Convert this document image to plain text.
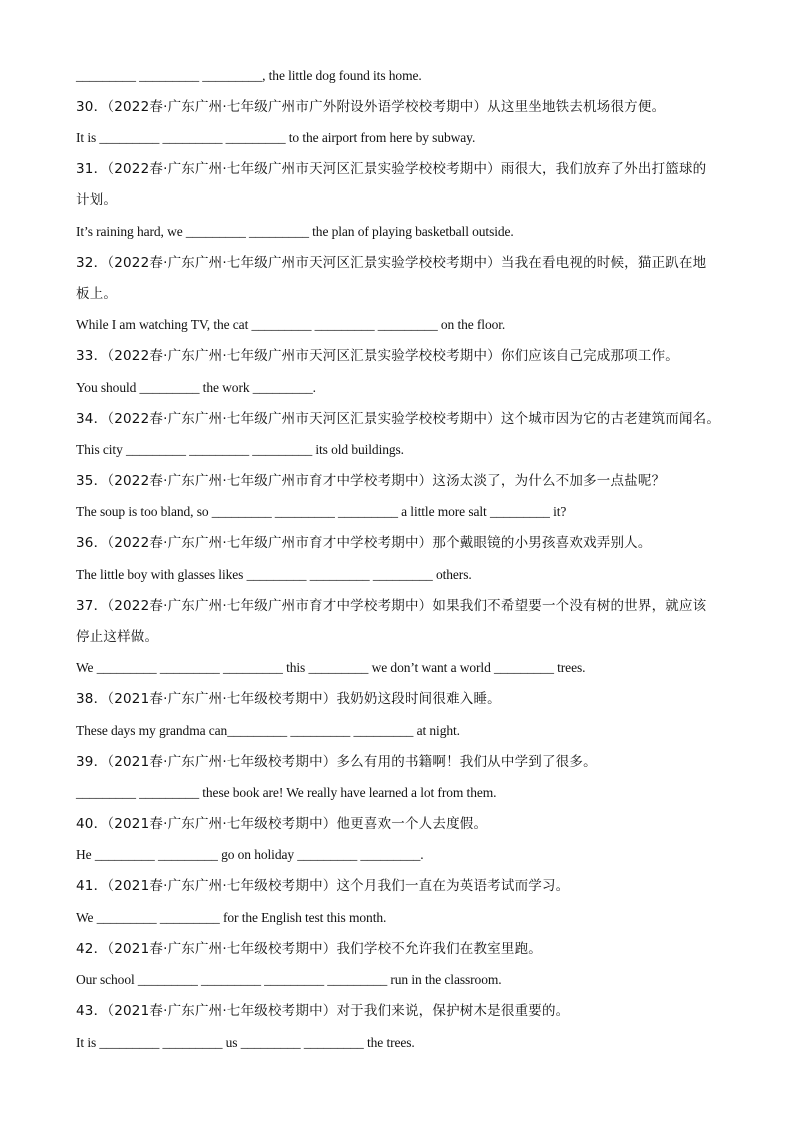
_________ _________ _________, the little dog found its home.
30．（2022春·广东广州·七年级广州市广外附设外语学校校考期中）从这里坐地铁去机场很方便。
It is _________ _________ _________ to the airport from here by subway.
31．（2022春·广东广州·七年级广州市天河区汇景实验学校校考期中）雨很大，我们放弃了外出打篮球的
计划。
It’s raining hard, we _________ _________ the plan of playing basketball outside.
32．（2022春·广东广州·七年级广州市天河区汇景实验学校校考期中）当我在看电视的时候，猫正趴在地
板上。
While I am watching TV, the cat _________ _________ _________ on the floor.
33．（2022春·广东广州·七年级广州市天河区汇景实验学校校考期中）你们应该自己完成那项工作。
You should _________ the work _________.
34．（2022春·广东广州·七年级广州市天河区汇景实验学校校考期中）这个城市因为它的古老建筑而闻名。
This city _________ _________ _________ its old buildings.
35．（2022春·广东广州·七年级广州市育才中学校考期中）这汤太淡了，为什么不加多一点盐呢？
The soup is too bland, so _________ _________ _________ a little more salt _________ it?
36．（2022春·广东广州·七年级广州市育才中学校考期中）那个戴眼镜的小男孩喜欢戏弄别人。
The little boy with glasses likes _________ _________ _________ others.
37．（2022春·广东广州·七年级广州市育才中学校考期中）如果我们不希望要一个没有树的世界，就应该
停止这样做。
We _________ _________ _________ this _________ we don’t want a world _________ trees.
38．（2021春·广东广州·七年级校考期中）我奶奶这段时间很难入睡。
These days my grandma can_________ _________ _________ at night.
39．（2021春·广东广州·七年级校考期中）多么有用的书籍啊！我们从中学到了很多。
_________ _________ these book are! We really have learned a lot from them.
40．（2021春·广东广州·七年级校考期中）他更喜欢一个人去度假。
He _________ _________ go on holiday _________ _________.
41．（2021春·广东广州·七年级校考期中）这个月我们一直在为英语考试而学习。
We _________ _________ for the English test this month.
42．（2021春·广东广州·七年级校考期中）我们学校不允许我们在教室里跑。
Our school _________ _________ _________ _________ run in the classroom.
43．（2021春·广东广州·七年级校考期中）对于我们来说，保护树木是很重要的。
It is _________ _________ us _________ _________ the trees.
